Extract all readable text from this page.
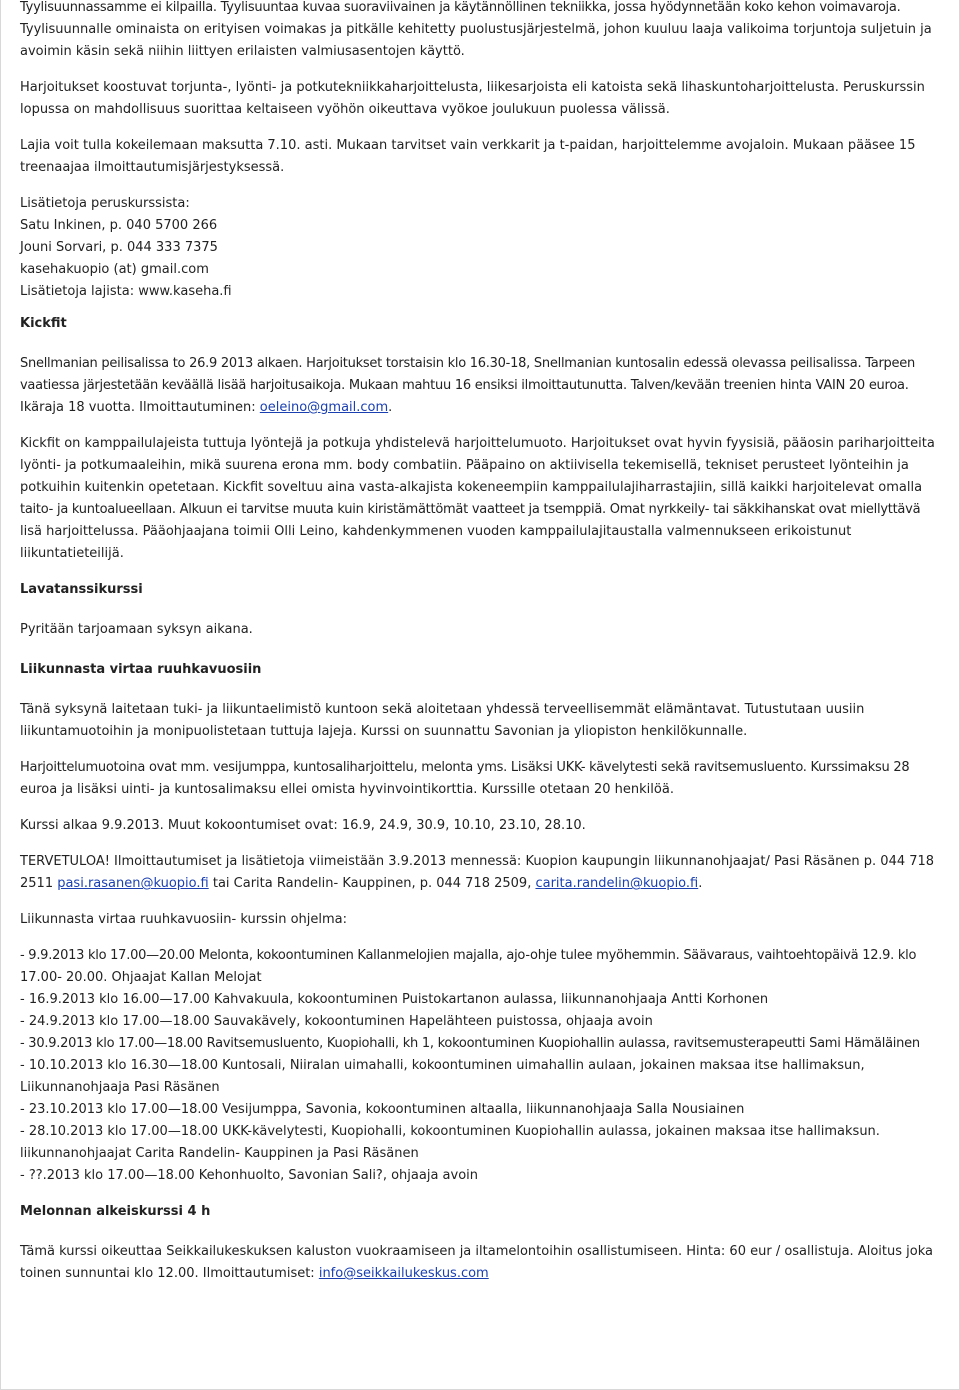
Tyylisuunnassamme ei kilpailla. Tyylisuuntaa kuvaa suoraviivainen ja käytännöllinen tekniikka, jossa hyödynnetään koko kehon voimavaroja.
Tyylisuunnalle ominaista on erityisen voimakas ja pitkälle kehitetty puolustusjärjestelmä, johon kuuluu laaja valikoima torjuntoja suljetuin ja
avoimin käsin sekä niihin liittyen erilaisten valmiusasentojen käyttö.
Harjoitukset koostuvat torjunta-, lyönti- ja potkutekniikkaharjoittelusta, liikesarjoista eli katoista sekä lihaskuntoharjoittelusta. Peruskurssin
lopussa on mahdollisuus suorittaa keltaiseen vyöhön oikeuttava vyökoe joulukuun puolessa välissä.
Lajia voit tulla kokeilemaan maksutta 7.10. asti. Mukaan tarvitset vain verkkarit ja t-paidan, harjoittelemme avojaloin. Mukaan pääsee 15
treenaajaa ilmoittautumisjärjestyksessä.
Lisätietoja peruskurssista:
Satu Inkinen, p. 040 5700 266
Jouni Sorvari, p. 044 333 7375
kasehakuopio (at) gmail.com
Lisätietoja lajista: www.kaseha.fi
Kickfit
Snellmanian peilisalissa to 26.9 2013 alkaen. Harjoitukset torstaisin klo 16.30-18, Snellmanian kuntosalin edessä olevassa peilisalissa. Tarpeen
vaatiessa järjestetään keväällä lisää harjoitusaikoja. Mukaan mahtuu 16 ensiksi ilmoittautunutta. Talven/kevään treenien hinta VAIN 20 euroa.
Ikäraja 18 vuotta. Ilmoittautuminen: oeleino@gmail.com.
Kickfit on kamppailulajeista tuttuja lyöntejä ja potkuja yhdistelevä harjoittelumuoto. Harjoitukset ovat hyvin fyysisiä, pääosin pariharjoitteita
lyönti- ja potkumaaleihin, mikä suurena erona mm. body combatiin. Pääpaino on aktiivisella tekemisellä, tekniset perusteet lyönteihin ja
potkuihin kuitenkin opetetaan. Kickfit soveltuu aina vasta-alkajista kokeneempiin kamppailulajiharrastajiin, sillä kaikki harjoitelevat omalla
taito- ja kuntoalueellaan. Alkuun ei tarvitse muuta kuin kiristämättömät vaatteet ja tsemppiä. Omat nyrkkeily- tai säkkihanskat ovat miellyttävä
lisä harjoittelussa. Pääohjaajana toimii Olli Leino, kahdenkymmenen vuoden kamppailulajitaustalla valmennukseen erikoistunut
liikuntatieteilijä.
Lavatanssikurssi
Pyritään tarjoamaan syksyn aikana.
Liikunnasta virtaa ruuhkavuosiin
Tänä syksynä laitetaan tuki- ja liikuntaelimistö kuntoon sekä aloitetaan yhdessä terveellisemmät elämäntavat. Tutustutaan uusiin
liikuntamuotoihin ja monipuolistetaan tuttuja lajeja. Kurssi on suunnattu Savonian ja yliopiston henkilökunnalle.
Harjoittelumuotoina ovat mm. vesijumppa, kuntosaliharjoittelu, melonta yms. Lisäksi UKK- kävelytesti sekä ravitsemusluento. Kurssimaksu 28
euroa ja lisäksi uinti- ja kuntosalimaksu ellei omista hyvinvointikorttia. Kurssille otetaan 20 henkilöä.
Kurssi alkaa 9.9.2013. Muut kokoontumiset ovat: 16.9, 24.9, 30.9, 10.10, 23.10, 28.10.
TERVETULOA! Ilmoittautumiset ja lisätietoja viimeistään 3.9.2013 mennessä: Kuopion kaupungin liikunnanohjaajat/ Pasi Räsänen p. 044 718
2511 pasi.rasanen@kuopio.fi tai Carita Randelin- Kauppinen, p. 044 718 2509, carita.randelin@kuopio.fi.
Liikunnasta virtaa ruuhkavuosiin- kurssin ohjelma:
- 9.9.2013 klo 17.00—20.00 Melonta, kokoontuminen Kallanmelojien majalla, ajo-ohje tulee myöhemmin. Säävaraus, vaihtoehtopäivä 12.9. klo
17.00- 20.00. Ohjaajat Kallan Melojat
- 16.9.2013 klo 16.00—17.00 Kahvakuula, kokoontuminen Puistokartanon aulassa, liikunnanohjaaja Antti Korhonen
- 24.9.2013 klo 17.00—18.00 Sauvakävely, kokoontuminen Hapelähteen puistossa, ohjaaja avoin
- 30.9.2013 klo 17.00—18.00 Ravitsemusluento, Kuopiohalli, kh 1, kokoontuminen Kuopiohallin aulassa, ravitsemusterapeutti Sami Hämäläinen
- 10.10.2013 klo 16.30—18.00 Kuntosali, Niiralan uimahalli, kokoontuminen uimahallin aulaan, jokainen maksaa itse hallimaksun,
Liikunnanohjaaja Pasi Räsänen
- 23.10.2013 klo 17.00—18.00 Vesijumppa, Savonia, kokoontuminen altaalla, liikunnanohjaaja Salla Nousiainen
- 28.10.2013 klo 17.00—18.00 UKK-kävelytesti, Kuopiohalli, kokoontuminen Kuopiohallin aulassa, jokainen maksaa itse hallimaksun.
liikunnanohjaajat Carita Randelin- Kauppinen ja Pasi Räsänen
- ??.2013 klo 17.00—18.00 Kehonhuolto, Savonian Sali?, ohjaaja avoin
Melonnan alkeiskurssi 4 h
Tämä kurssi oikeuttaa Seikkailukeskuksen kaluston vuokraamiseen ja iltamelontoihin osallistumiseen. Hinta: 60 eur / osallistuja. Aloitus joka
toinen sunnuntai klo 12.00. Ilmoittautumiset: info@seikkailukeskus.com
